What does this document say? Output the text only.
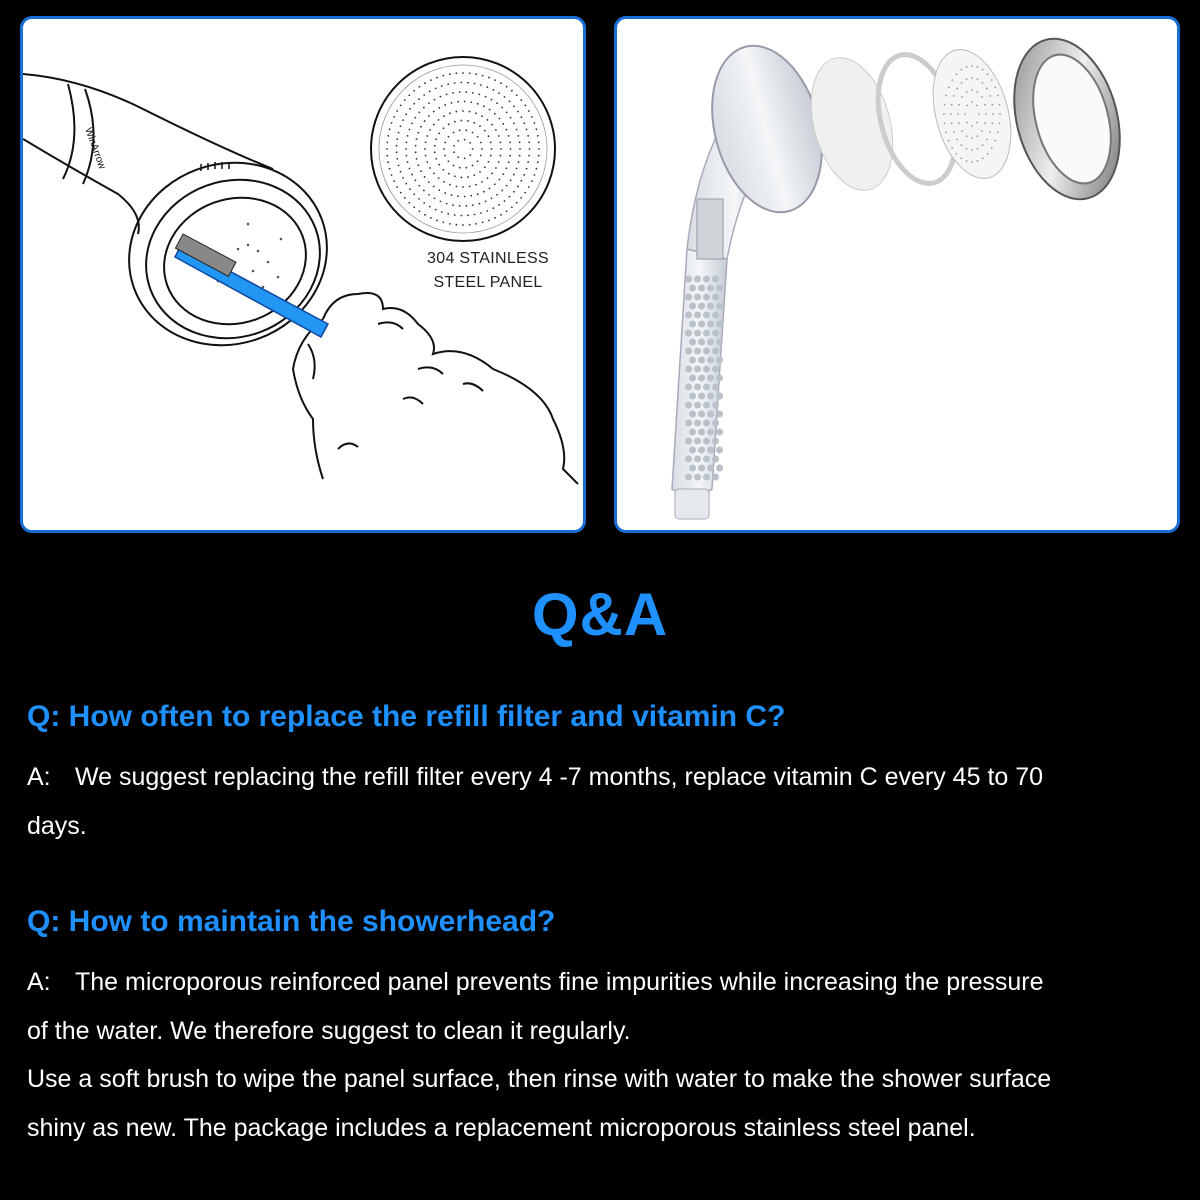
WinArrow
304 STAINLESS
STEEL PANEL
Q&A
Q: How often to replace the refill filter and vitamin C?
A: We suggest replacing the refill filter every 4 -7 months, replace vitamin C every 45 to 70
days.
Q: How to maintain the showerhead?
A: The microporous reinforced panel prevents fine impurities while increasing the pressure
of the water. We therefore suggest to clean it regularly.
Use a soft brush to wipe the panel surface, then rinse with water to make the shower surface
shiny as new. The package includes a replacement microporous stainless steel panel.
